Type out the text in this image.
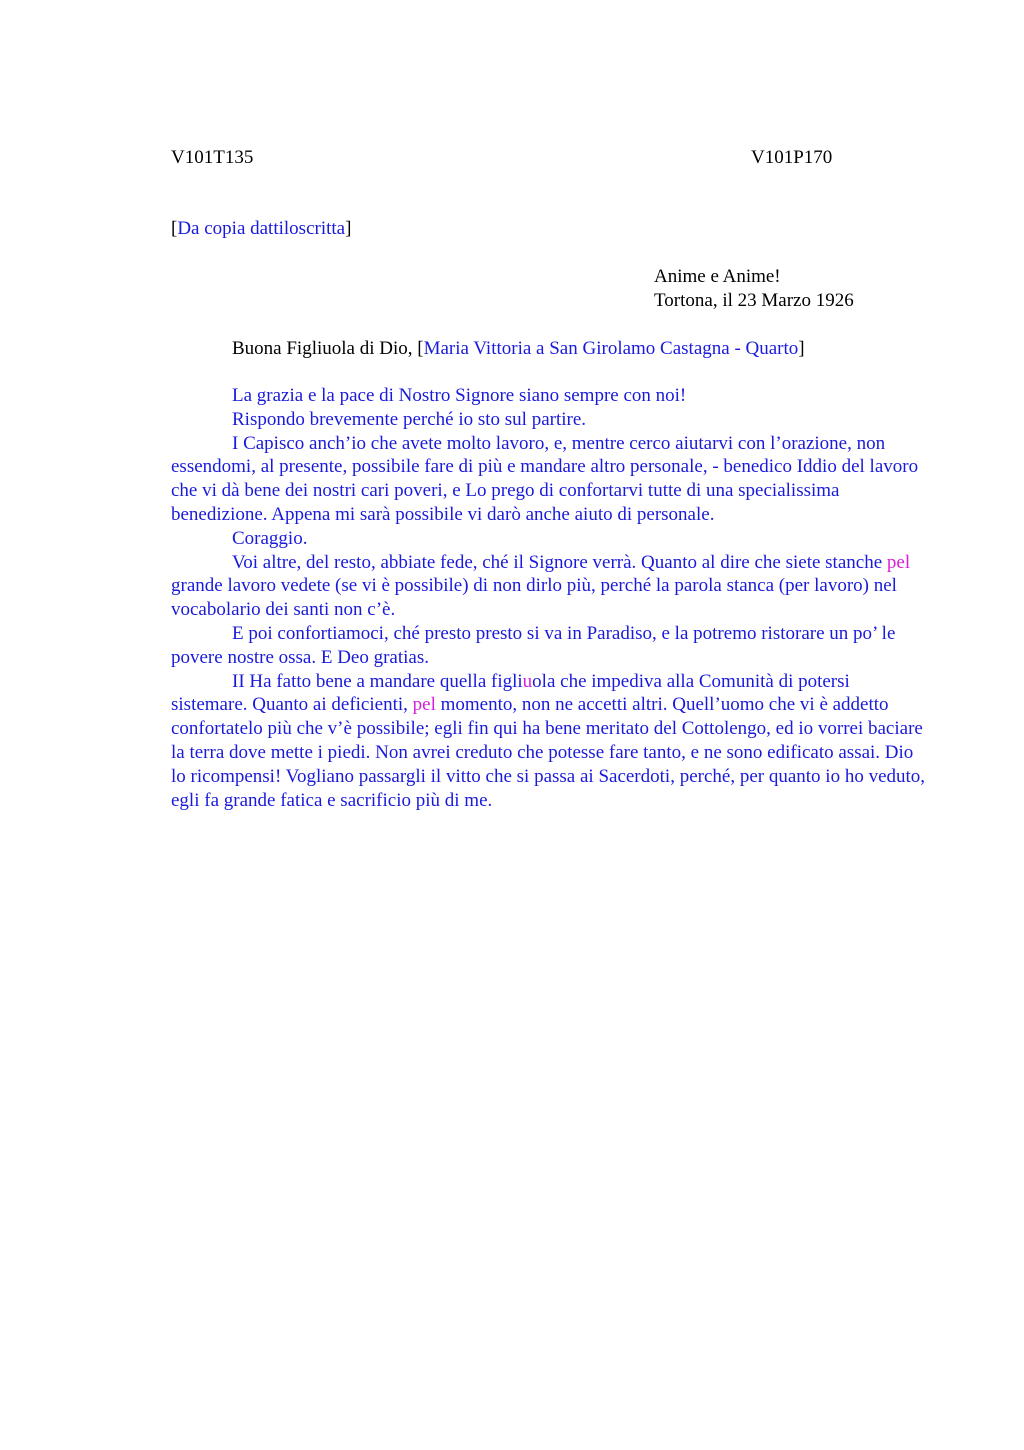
V101T135	V101P170
[Da copia dattiloscritta]
Anime e Anime!
Tortona, il 23 Marzo 1926
Buona Figliuola di Dio, [Maria Vittoria a San Girolamo Castagna - Quarto]

La grazia e la pace di Nostro Signore siano sempre con noi!

Rispondo brevemente perché io sto sul partire.

I Capisco anch’io che avete molto lavoro, e, mentre cerco aiutarvi con l’orazione, non essendomi, al presente, possibile fare di più e mandare altro personale, - benedico Iddio del lavoro che vi dà bene dei nostri cari poveri, e Lo prego di confortarvi tutte di una specialissima benedizione. Appena mi sarà possibile vi darò anche aiuto di personale.

Coraggio.

Voi altre, del resto, abbiate fede, ché il Signore verrà. Quanto al dire che siete stanche pel grande lavoro vedete (se vi è possibile) di non dirlo più, perché la parola stanca (per lavoro) nel vocabolario dei santi non c’è.

E poi confortiamoci, ché presto presto si va in Paradiso, e la potremo ristorare un po’ le povere nostre ossa. E Deo gratias.

II Ha fatto bene a mandare quella figliuola che impediva alla Comunità di potersi sistemare. Quanto ai deficienti, pel momento, non ne accetti altri. Quell’uomo che vi è addetto confortatelo più che v’è possibile; egli fin qui ha bene meritato del Cottolengo, ed io vorrei baciare la terra dove mette i piedi. Non avrei creduto che potesse fare tanto, e ne sono edificato assai. Dio lo ricompensi! Vogliano passargli il vitto che si passa ai Sacerdoti, perché, per quanto io ho veduto, egli fa grande fatica e sacrificio più di me.
